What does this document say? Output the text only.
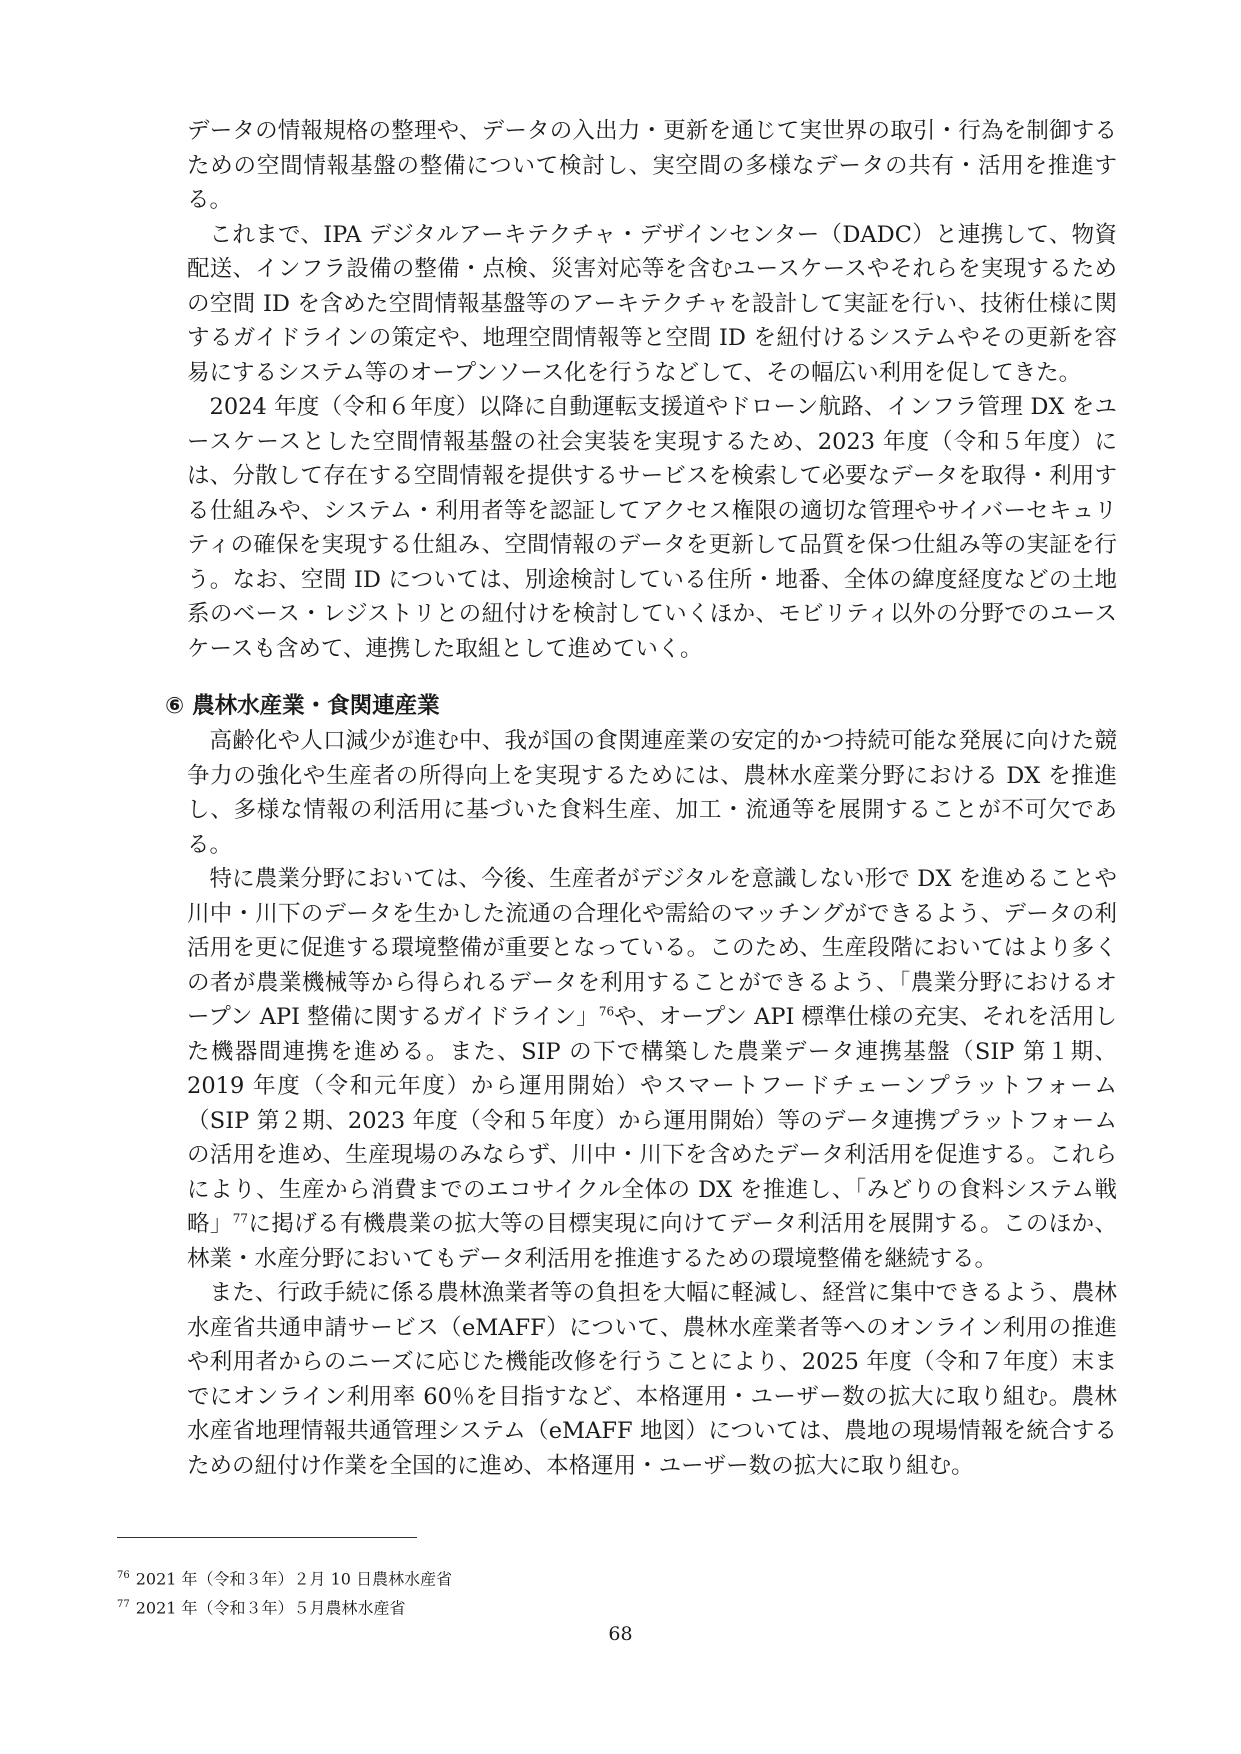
データの情報規格の整理や、データの入出力・更新を通じて実世界の取引・行為を制御するための空間情報基盤の整備について検討し、実空間の多様なデータの共有・活用を推進する。

これまで、IPA デジタルアーキテクチャ・デザインセンター（DADC）と連携して、物資配送、インフラ設備の整備・点検、災害対応等を含むユースケースやそれらを実現するための空間 ID を含めた空間情報基盤等のアーキテクチャを設計して実証を行い、技術仕様に関するガイドラインの策定や、地理空間情報等と空間 ID を紐付けるシステムやその更新を容易にするシステム等のオープンソース化を行うなどして、その幅広い利用を促してきた。

2024 年度（令和６年度）以降に自動運転支援道やドローン航路、インフラ管理 DX をユースケースとした空間情報基盤の社会実装を実現するため、2023 年度（令和５年度）には、分散して存在する空間情報を提供するサービスを検索して必要なデータを取得・利用する仕組みや、システム・利用者等を認証してアクセス権限の適切な管理やサイバーセキュリティの確保を実現する仕組み、空間情報のデータを更新して品質を保つ仕組み等の実証を行う。なお、空間 ID については、別途検討している住所・地番、全体の緯度経度などの土地系のベース・レジストリとの紐付けを検討していくほか、モビリティ以外の分野でのユースケースも含めて、連携した取組として進めていく。

⑥ 農林水産業・食関連産業

高齢化や人口減少が進む中、我が国の食関連産業の安定的かつ持続可能な発展に向けた競争力の強化や生産者の所得向上を実現するためには、農林水産業分野における DX を推進し、多様な情報の利活用に基づいた食料生産、加工・流通等を展開することが不可欠である。

特に農業分野においては、今後、生産者がデジタルを意識しない形で DX を進めることや川中・川下のデータを生かした流通の合理化や需給のマッチングができるよう、データの利活用を更に促進する環境整備が重要となっている。このため、生産段階においてはより多くの者が農業機械等から得られるデータを利用することができるよう、「農業分野におけるオープン API 整備に関するガイドライン」$^{76}$や、オープン API 標準仕様の充実、それを活用した機器間連携を進める。また、SIP の下で構築した農業データ連携基盤（SIP 第１期、2019 年度（令和元年度）から運用開始）やスマートフードチェーンプラットフォーム（SIP 第２期、2023 年度（令和５年度）から運用開始）等のデータ連携プラットフォームの活用を進め、生産現場のみならず、川中・川下を含めたデータ利活用を促進する。これらにより、生産から消費までのエコサイクル全体の DX を推進し、「みどりの食料システム戦略」$^{77}$に掲げる有機農業の拡大等の目標実現に向けてデータ利活用を展開する。このほか、林業・水産分野においてもデータ利活用を推進するための環境整備を継続する。

また、行政手続に係る農林漁業者等の負担を大幅に軽減し、経営に集中できるよう、農林水産省共通申請サービス（eMAFF）について、農林水産業者等へのオンライン利用の推進や利用者からのニーズに応じた機能改修を行うことにより、2025 年度（令和７年度）末までにオンライン利用率 60％を目指すなど、本格運用・ユーザー数の拡大に取り組む。農林水産省地理情報共通管理システム（eMAFF 地図）については、農地の現場情報を統合するための紐付け作業を全国的に進め、本格運用・ユーザー数の拡大に取り組む。

$^{76}$ 2021 年（令和３年）２月 10 日農林水産省
$^{77}$ 2021 年（令和３年）５月農林水産省
68
